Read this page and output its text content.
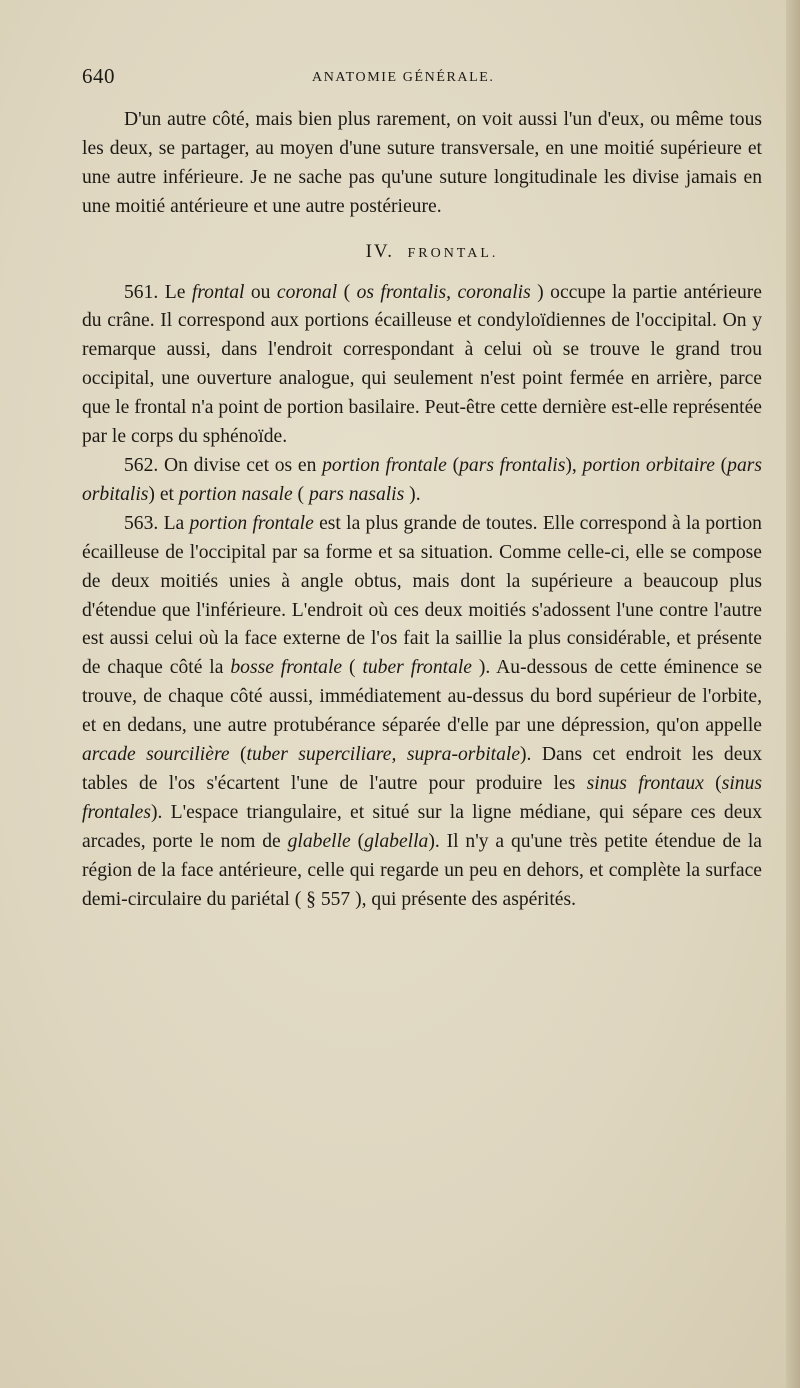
640	ANATOMIE GÉNÉRALE.

D'un autre côté, mais bien plus rarement, on voit aussi l'un d'eux, ou même tous les deux, se partager, au moyen d'une suture transversale, en une moitié supérieure et une autre inférieure. Je ne sache pas qu'une suture longitudinale les divise jamais en une moitié antérieure et une autre postérieure.

IV. FRONTAL.

561. Le frontal ou coronal ( os frontalis, coronalis ) occupe la partie antérieure du crâne. Il correspond aux portions écailleuse et condyloïdiennes de l'occipital. On y remarque aussi, dans l'endroit correspondant à celui où se trouve le grand trou occipital, une ouverture analogue, qui seulement n'est point fermée en arrière, parce que le frontal n'a point de portion basilaire. Peut-être cette dernière est-elle représentée par le corps du sphénoïde.

562. On divise cet os en portion frontale (pars frontalis), portion orbitaire (pars orbitalis) et portion nasale ( pars nasalis ).

563. La portion frontale est la plus grande de toutes. Elle correspond à la portion écailleuse de l'occipital par sa forme et sa situation. Comme celle-ci, elle se compose de deux moitiés unies à angle obtus, mais dont la supérieure a beaucoup plus d'étendue que l'inférieure. L'endroit où ces deux moitiés s'adossent l'une contre l'autre est aussi celui où la face externe de l'os fait la saillie la plus considérable, et présente de chaque côté la bosse frontale ( tuber frontale ). Au-dessous de cette éminence se trouve, de chaque côté aussi, immédiatement au-dessus du bord supérieur de l'orbite, et en dedans, une autre protubérance séparée d'elle par une dépression, qu'on appelle arcade sourcilière (tuber superciliare, supra-orbitale). Dans cet endroit les deux tables de l'os s'écartent l'une de l'autre pour produire les sinus frontaux (sinus frontales). L'espace triangulaire, et situé sur la ligne médiane, qui sépare ces deux arcades, porte le nom de glabelle (glabella). Il n'y a qu'une très petite étendue de la région de la face antérieure, celle qui regarde un peu en dehors, et complète la surface demi-circulaire du pariétal ( § 557 ), qui présente des aspérités.
